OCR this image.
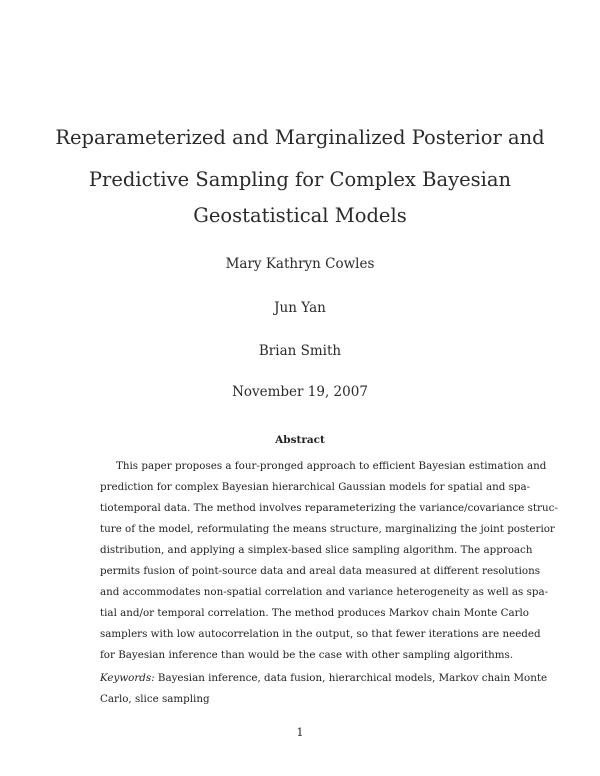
Reparameterized and Marginalized Posterior and
Predictive Sampling for Complex Bayesian
Geostatistical Models
Mary Kathryn Cowles
Jun Yan
Brian Smith
November 19, 2007
Abstract
This paper proposes a four-pronged approach to efficient Bayesian estimation and
prediction for complex Bayesian hierarchical Gaussian models for spatial and spa-
tiotemporal data. The method involves reparameterizing the variance/covariance struc-
ture of the model, reformulating the means structure, marginalizing the joint posterior
distribution, and applying a simplex-based slice sampling algorithm. The approach
permits fusion of point-source data and areal data measured at different resolutions
and accommodates non-spatial correlation and variance heterogeneity as well as spa-
tial and/or temporal correlation. The method produces Markov chain Monte Carlo
samplers with low autocorrelation in the output, so that fewer iterations are needed
for Bayesian inference than would be the case with other sampling algorithms.
Keywords: Bayesian inference, data fusion, hierarchical models, Markov chain Monte
Carlo, slice sampling
1
